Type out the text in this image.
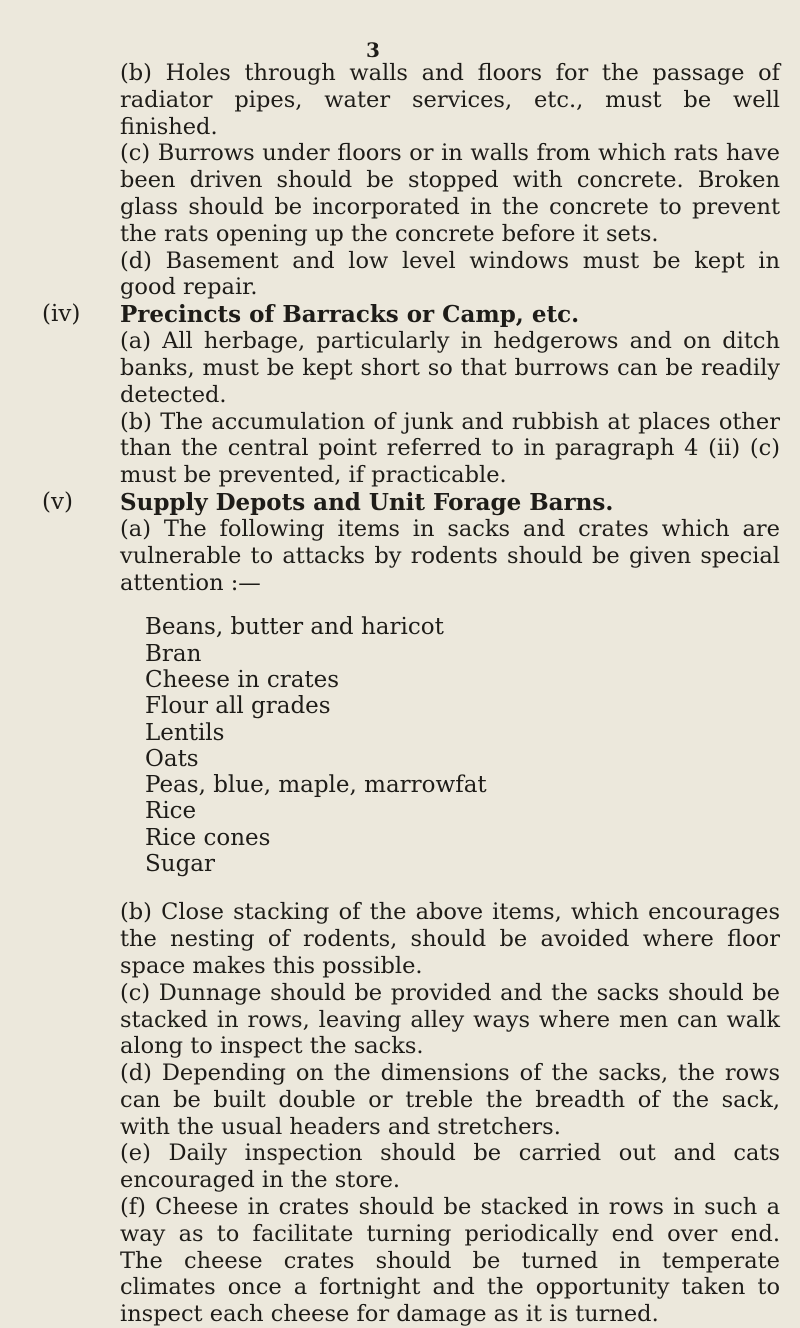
3

(b) Holes through walls and floors for the passage of radiator pipes, water services, etc., must be well finished.

(c) Burrows under floors or in walls from which rats have been driven should be stopped with concrete. Broken glass should be incorporated in the concrete to prevent the rats opening up the concrete before it sets.

(d) Basement and low level windows must be kept in good repair.

(iv) Precincts of Barracks or Camp, etc.

(a) All herbage, particularly in hedgerows and on ditch banks, must be kept short so that burrows can be readily detected.

(b) The accumulation of junk and rubbish at places other than the central point referred to in paragraph 4 (ii) (c) must be prevented, if practicable.

(v) Supply Depots and Unit Forage Barns.

(a) The following items in sacks and crates which are vulnerable to attacks by rodents should be given special attention :—

Beans, butter and haricot
Bran
Cheese in crates
Flour all grades
Lentils
Oats
Peas, blue, maple, marrowfat
Rice
Rice cones
Sugar

(b) Close stacking of the above items, which encourages the nesting of rodents, should be avoided where floor space makes this possible.

(c) Dunnage should be provided and the sacks should be stacked in rows, leaving alley ways where men can walk along to inspect the sacks.

(d) Depending on the dimensions of the sacks, the rows can be built double or treble the breadth of the sack, with the usual headers and stretchers.

(e) Daily inspection should be carried out and cats encouraged in the store.

(f) Cheese in crates should be stacked in rows in such a way as to facilitate turning periodically end over end. The cheese crates should be turned in temperate climates once a fortnight and the opportunity taken to inspect each cheese for damage as it is turned.
